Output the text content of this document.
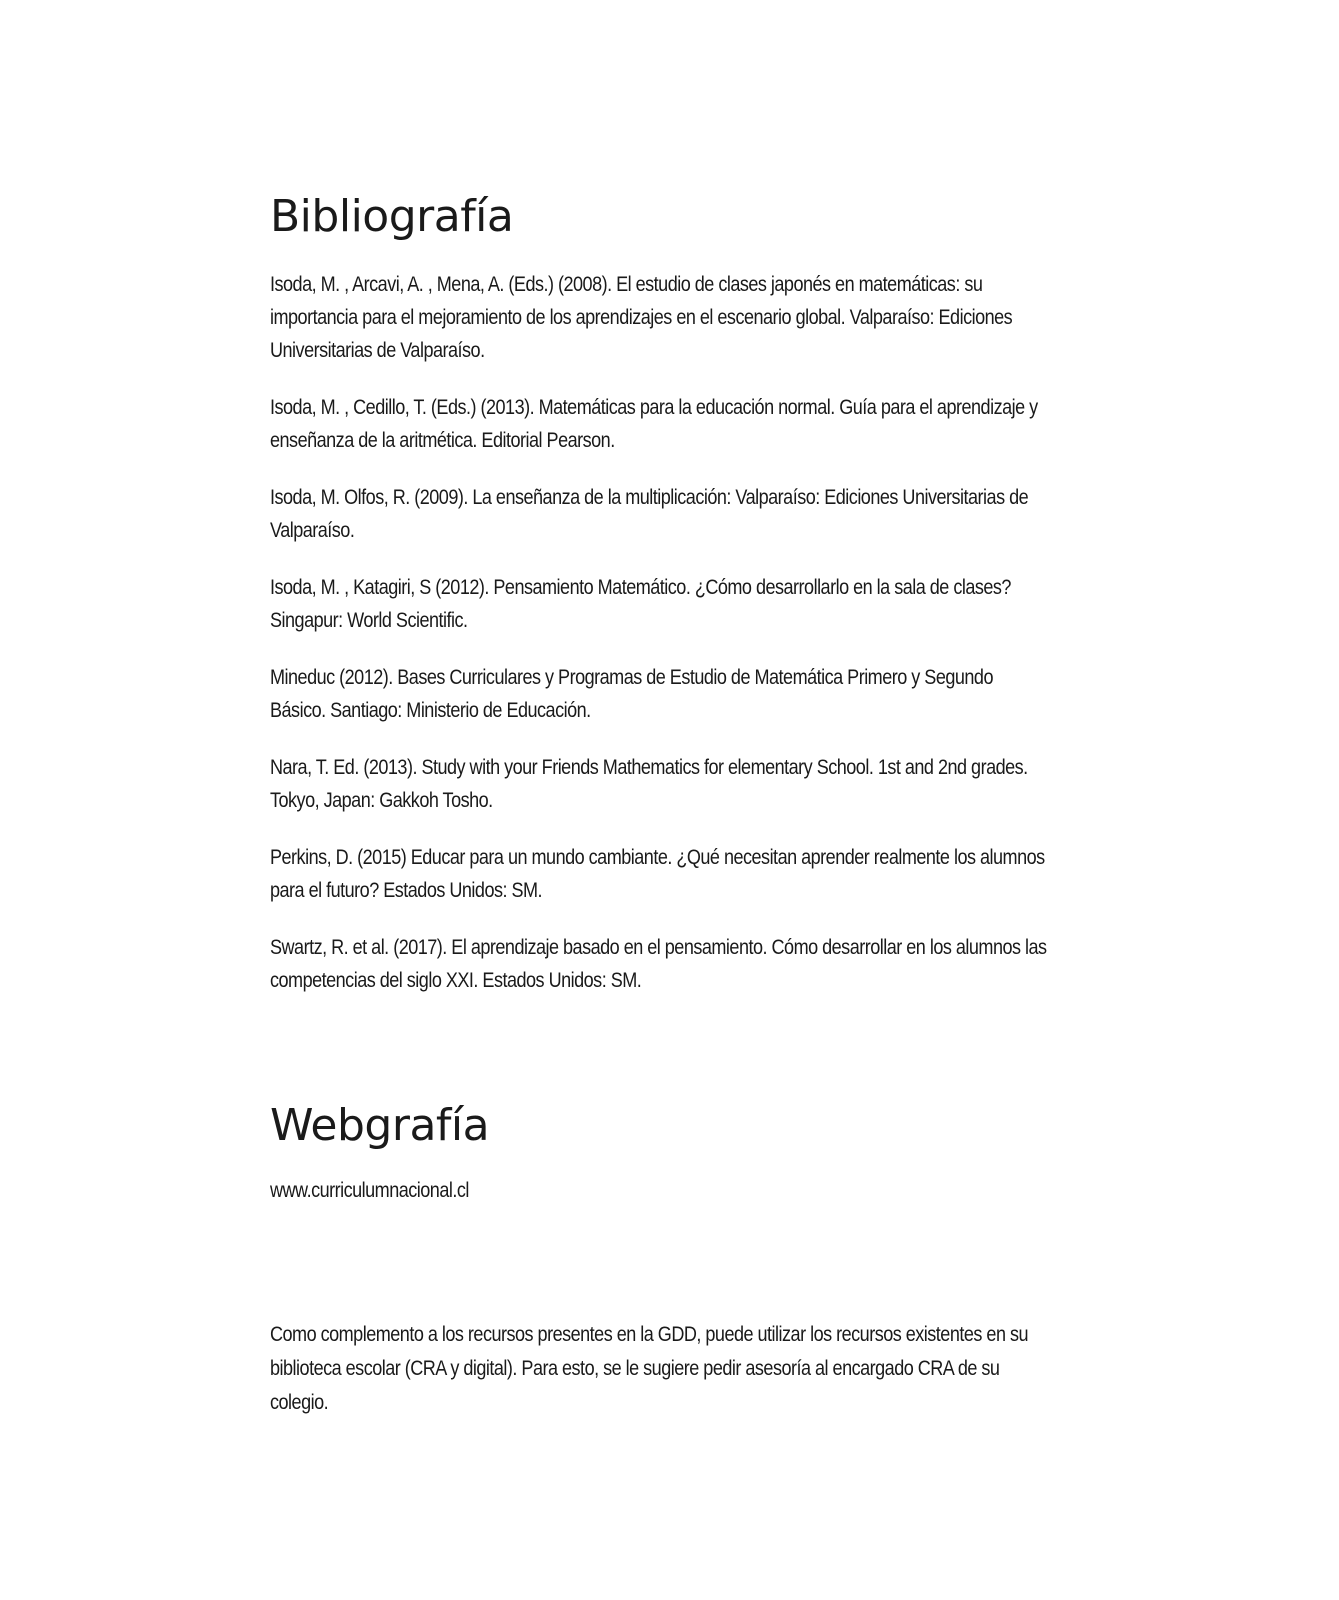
Bibliografía
Isoda, M. , Arcavi, A. , Mena, A. (Eds.) (2008). El estudio de clases japonés en matemáticas: su importancia para el mejoramiento de los aprendizajes en el escenario global. Valparaíso: Ediciones Universitarias de Valparaíso.
Isoda, M. , Cedillo, T. (Eds.) (2013). Matemáticas para la educación normal. Guía para el aprendizaje y enseñanza de la aritmética. Editorial Pearson.
Isoda, M. Olfos, R. (2009). La enseñanza de la multiplicación: Valparaíso: Ediciones Universitarias de Valparaíso.
Isoda, M. , Katagiri, S (2012). Pensamiento Matemático. ¿Cómo desarrollarlo en la sala de clases? Singapur: World Scientific.
Mineduc (2012). Bases Curriculares y Programas de Estudio de Matemática Primero y Segundo Básico. Santiago: Ministerio de Educación.
Nara, T. Ed. (2013). Study with your Friends Mathematics for elementary School. 1st and 2nd grades. Tokyo, Japan: Gakkoh Tosho.
Perkins, D. (2015) Educar para un mundo cambiante. ¿Qué necesitan aprender realmente los alumnos para el futuro? Estados Unidos: SM.
Swartz, R. et al. (2017). El aprendizaje basado en el pensamiento. Cómo desarrollar en los alumnos las competencias del siglo XXI. Estados Unidos: SM.
Webgrafía
www.curriculumnacional.cl

Como complemento a los recursos presentes en la GDD, puede utilizar los recursos existentes en su biblioteca escolar (CRA y digital). Para esto, se le sugiere pedir asesoría al encargado CRA de su colegio.
